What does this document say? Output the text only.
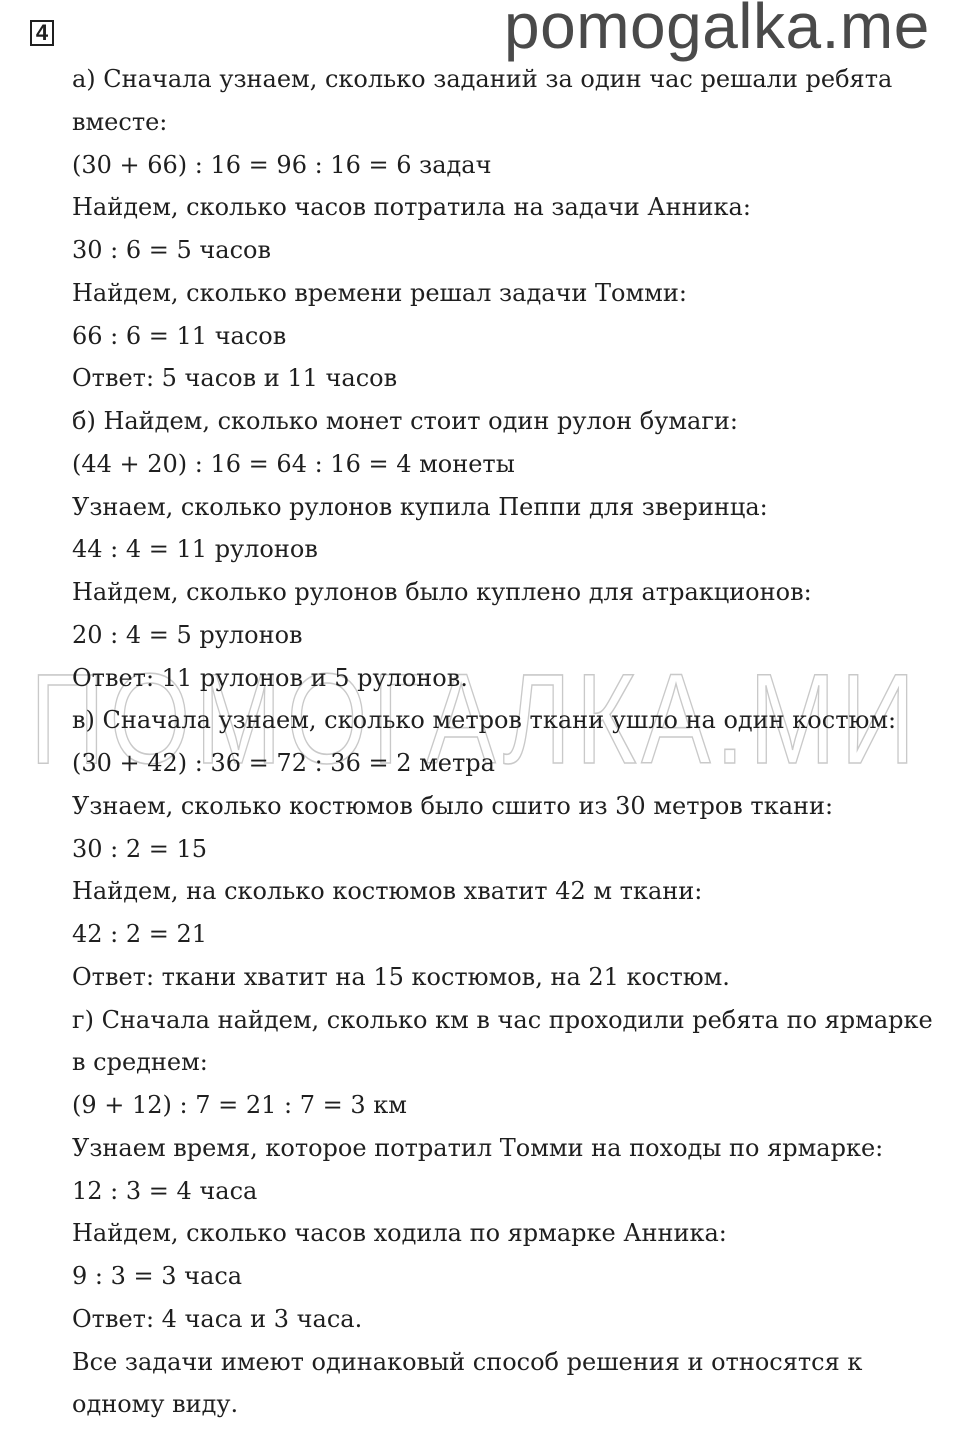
4	pomogalka.me
ПОМОГАЛКА.МИ
а) Сначала узнаем, сколько заданий за один час решали ребята
вместе:
(30 + 66) : 16 = 96 : 16 = 6 задач
Найдем, сколько часов потратила на задачи Анника:
30 : 6 = 5 часов
Найдем, сколько времени решал задачи Томми:
66 : 6 = 11 часов
Ответ: 5 часов и 11 часов
б) Найдем, сколько монет стоит один рулон бумаги:
(44 + 20) : 16 = 64 : 16 = 4 монеты
Узнаем, сколько рулонов купила Пеппи для зверинца:
44 : 4 = 11 рулонов
Найдем, сколько рулонов было куплено для атракционов:
20 : 4 = 5 рулонов
Ответ: 11 рулонов и 5 рулонов.
в) Сначала узнаем, сколько метров ткани ушло на один костюм:
(30 + 42) : 36 = 72 : 36 = 2 метра
Узнаем, сколько костюмов было сшито из 30 метров ткани:
30 : 2 = 15
Найдем, на сколько костюмов хватит 42 м ткани:
42 : 2 = 21
Ответ: ткани хватит на 15 костюмов, на 21 костюм.
г) Сначала найдем, сколько км в час проходили ребята по ярмарке
в среднем:
(9 + 12) : 7 = 21 : 7 = 3 км
Узнаем время, которое потратил Томми на походы по ярмарке:
12 : 3 = 4 часа
Найдем, сколько часов ходила по ярмарке Анника:
9 : 3 = 3 часа
Ответ: 4 часа и 3 часа.
Все задачи имеют одинаковый способ решения и относятся к
одному виду.
